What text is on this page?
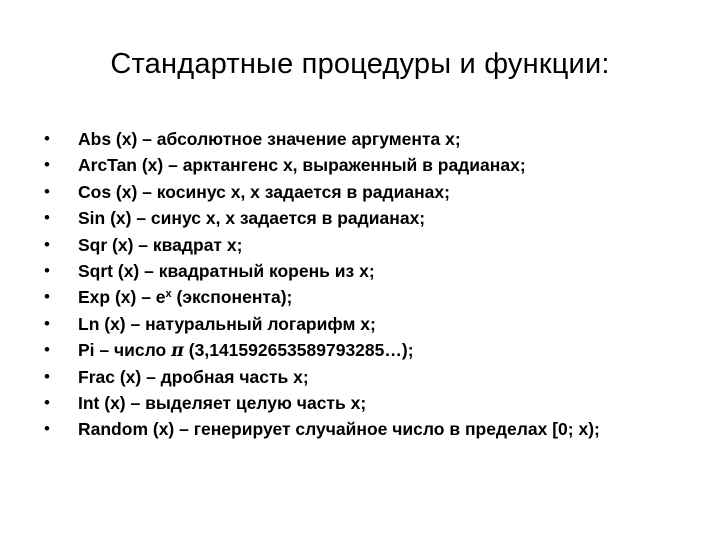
Стандартные процедуры и функции:
• Abs (x) – абсолютное значение аргумента x;
• ArcTan (x) – арктангенс x, выраженный в радианах;
• Cos (x) – косинус x, x задается в радианах;
• Sin (x) – синус x, x задается в радианах;
• Sqr (x) – квадрат x;
• Sqrt (x) – квадратный корень из x;
• Exp $(x) - e^x$ (экспонента);
• Ln (x) – натуральный логарифм x;
• Pi – число π (3,141592653589793285…);
• Frac (x) – дробная часть x;
• Int (x) – выделяет целую часть x;
• Random (x) – генерирует случайное число в пределах [0; x);
